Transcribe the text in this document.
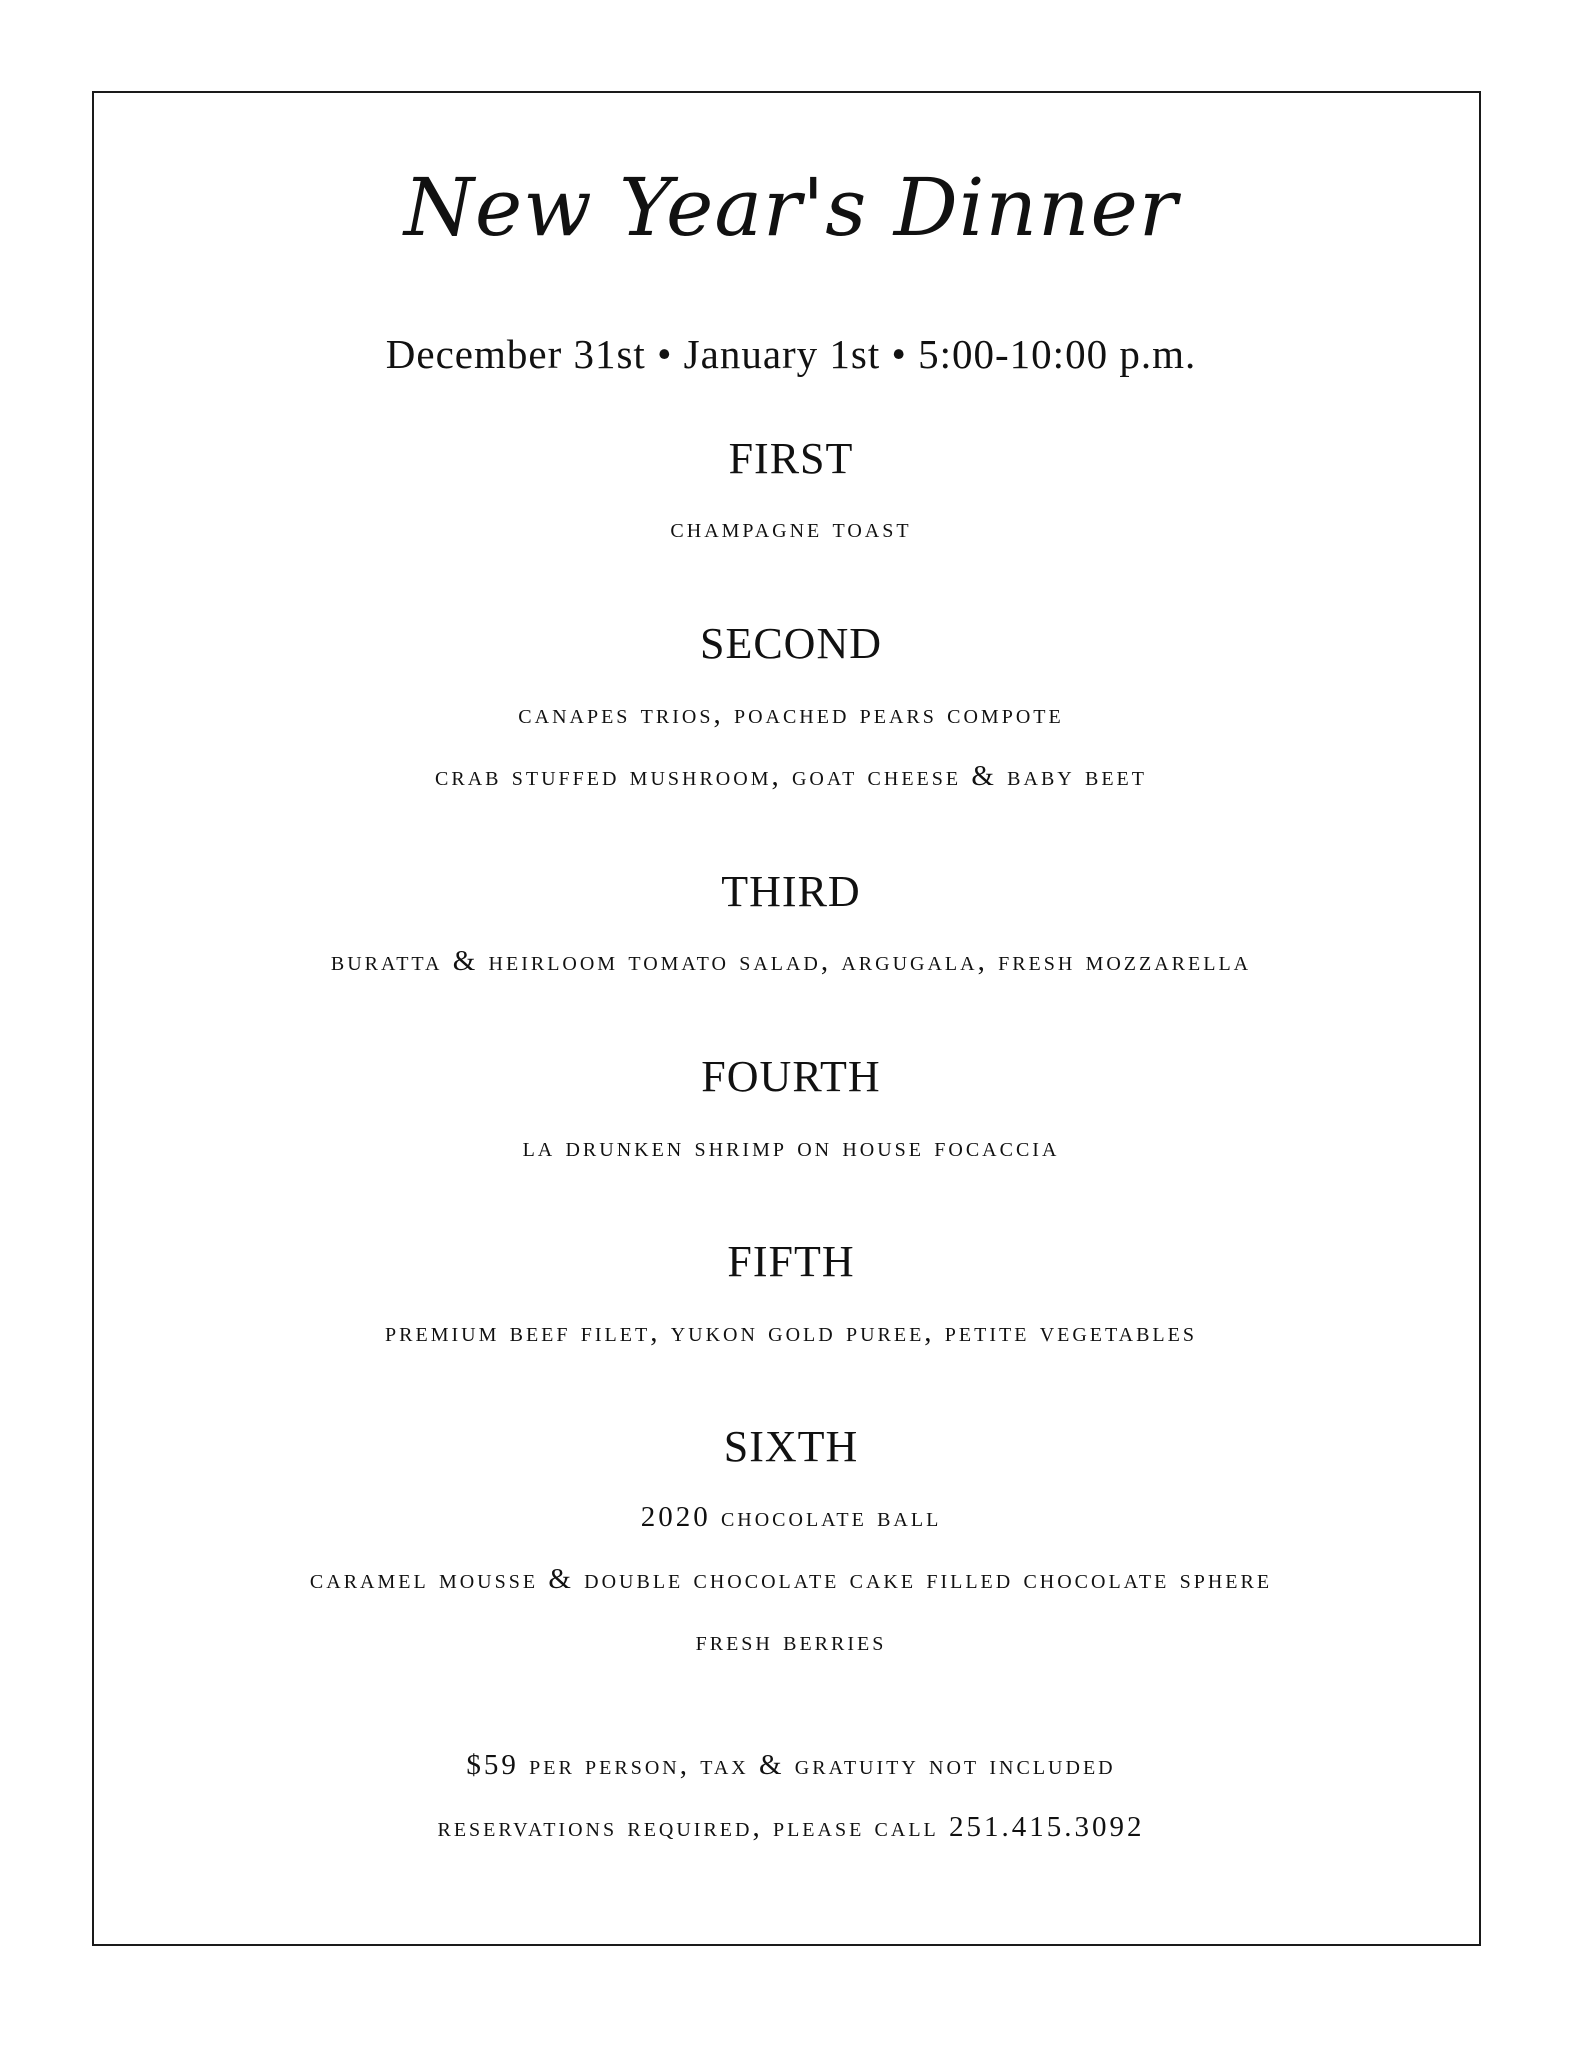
New Year's Dinner
December 31st • January 1st • 5:00-10:00 p.m.
FIRST
champagne toast
SECOND
canapes trios, poached pears compote
crab stuffed mushroom, goat cheese & baby beet
THIRD
buratta & heirloom tomato salad, argugala, fresh mozzarella
FOURTH
la drunken shrimp on house focaccia
FIFTH
premium beef filet, yukon gold puree, petite vegetables
SIXTH
2020 chocolate ball
caramel mousse & double chocolate cake filled chocolate sphere
fresh berries
$59 per person, tax & gratuity not included
reservations required, please call 251.415.3092
